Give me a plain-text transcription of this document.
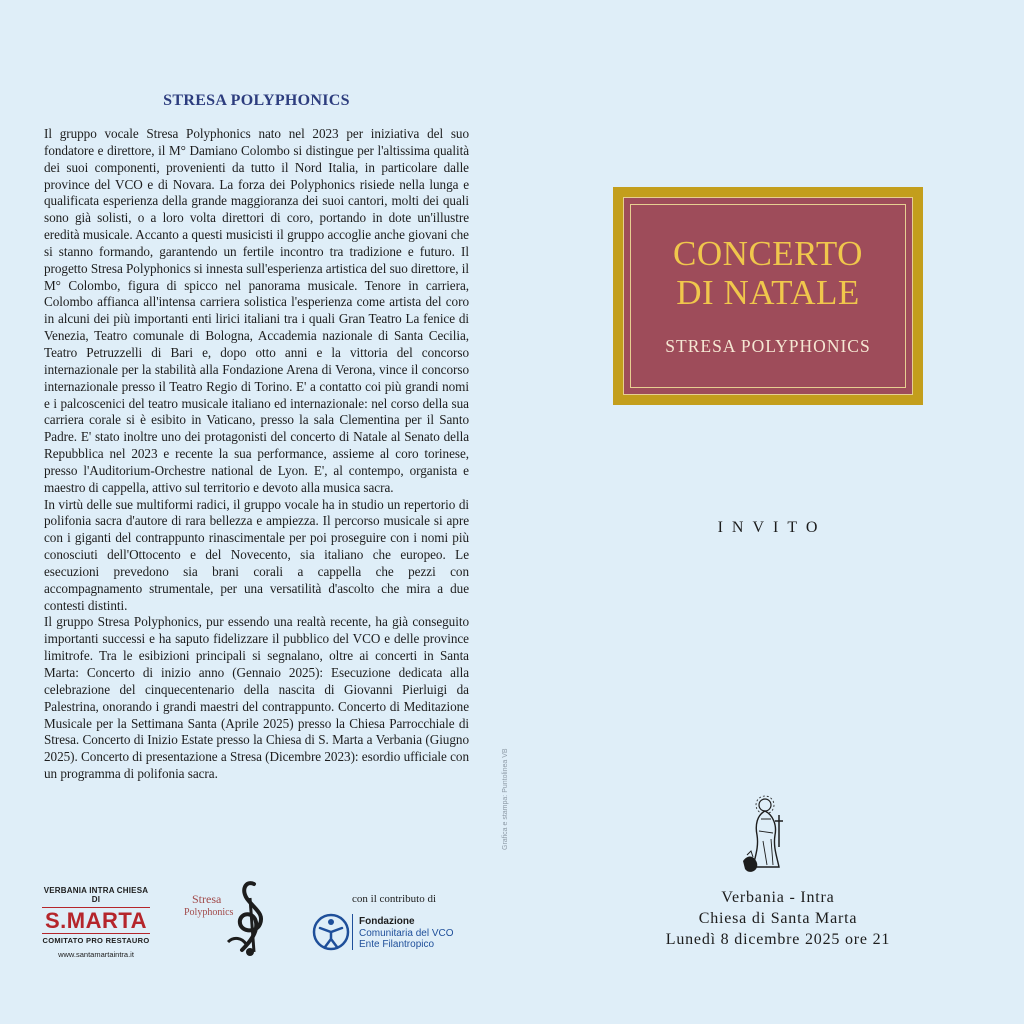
STRESA POLYPHONICS

Il gruppo vocale Stresa Polyphonics nato nel 2023 per iniziativa del suo fondatore e direttore, il M° Damiano Colombo si distingue per l'altissima qualità dei suoi componenti, provenienti da tutto il Nord Italia, in particolare dalle province del VCO e di Novara. La forza dei Polyphonics risiede nella lunga e qualificata esperienza della grande maggioranza dei suoi cantori, molti dei quali sono già solisti, o a loro volta direttori di coro, portando in dote un'illustre eredità musicale. Accanto a questi musicisti il gruppo accoglie anche giovani che si stanno formando, garantendo un fertile incontro tra tradizione e futuro. Il progetto Stresa Polyphonics si innesta sull'esperienza artistica del suo direttore, il M° Colombo, figura di spicco nel panorama musicale. Tenore in carriera, Colombo affianca all'intensa carriera solistica l'esperienza come artista del coro in alcuni dei più importanti enti lirici italiani tra i quali Gran Teatro La fenice di Venezia, Teatro comunale di Bologna, Accademia nazionale di Santa Cecilia, Teatro Petruzzelli di Bari e, dopo otto anni e la vittoria del concorso internazionale per la stabilità alla Fondazione Arena di Verona, vince il concorso internazionale presso il Teatro Regio di Torino. E' a contatto coi più grandi nomi e i palcoscenici del teatro musicale italiano ed internazionale: nel corso della sua carriera corale si è esibito in Vaticano, presso la sala Clementina per il Santo Padre. E' stato inoltre uno dei protagonisti del concerto di Natale al Senato della Repubblica nel 2023 e recente la sua performance, assieme al coro torinese, presso l'Auditorium-Orchestre national de Lyon. E', al contempo, organista e maestro di cappella, attivo sul territorio e devoto alla musica sacra.

In virtù delle sue multiformi radici, il gruppo vocale ha in studio un repertorio di polifonia sacra d'autore di rara bellezza e ampiezza. Il percorso musicale si apre con i giganti del contrappunto rinascimentale per poi proseguire con i nomi più conosciuti dell'Ottocento e del Novecento, sia italiano che europeo. Le esecuzioni prevedono sia brani corali a cappella che pezzi con accompagnamento strumentale, per una versatilità d'ascolto che mira a due contesti distinti.

Il gruppo Stresa Polyphonics, pur essendo una realtà recente, ha già conseguito importanti successi e ha saputo fidelizzare il pubblico del VCO e delle province limitrofe. Tra le esibizioni principali si segnalano, oltre ai concerti in Santa Marta: Concerto di inizio anno (Gennaio 2025): Esecuzione dedicata alla celebrazione del cinquecentenario della nascita di Giovanni Pierluigi da Palestrina, onorando i grandi maestri del contrappunto. Concerto di Meditazione Musicale per la Settimana Santa (Aprile 2025) presso la Chiesa Parrocchiale di Stresa. Concerto di Inizio Estate presso la Chiesa di S. Marta a Verbania (Giugno 2025). Concerto di presentazione a Stresa (Dicembre 2023): esordio ufficiale con un programma di polifonia sacra.	Grafica e stampa: Puntolinea VB
VERBANIA INTRA CHIESA DI
S.MARTA
COMITATO PRO RESTAURO
www.santamartaintra.it
Stresa
Polyphonics
con il contributo di
Fondazione
Comunitaria del VCO
Ente Filantropico
CONCERTO
DI NATALE
STRESA POLYPHONICS
INVITO
Verbania - Intra
Chiesa di Santa Marta
Lunedì 8 dicembre 2025 ore 21
